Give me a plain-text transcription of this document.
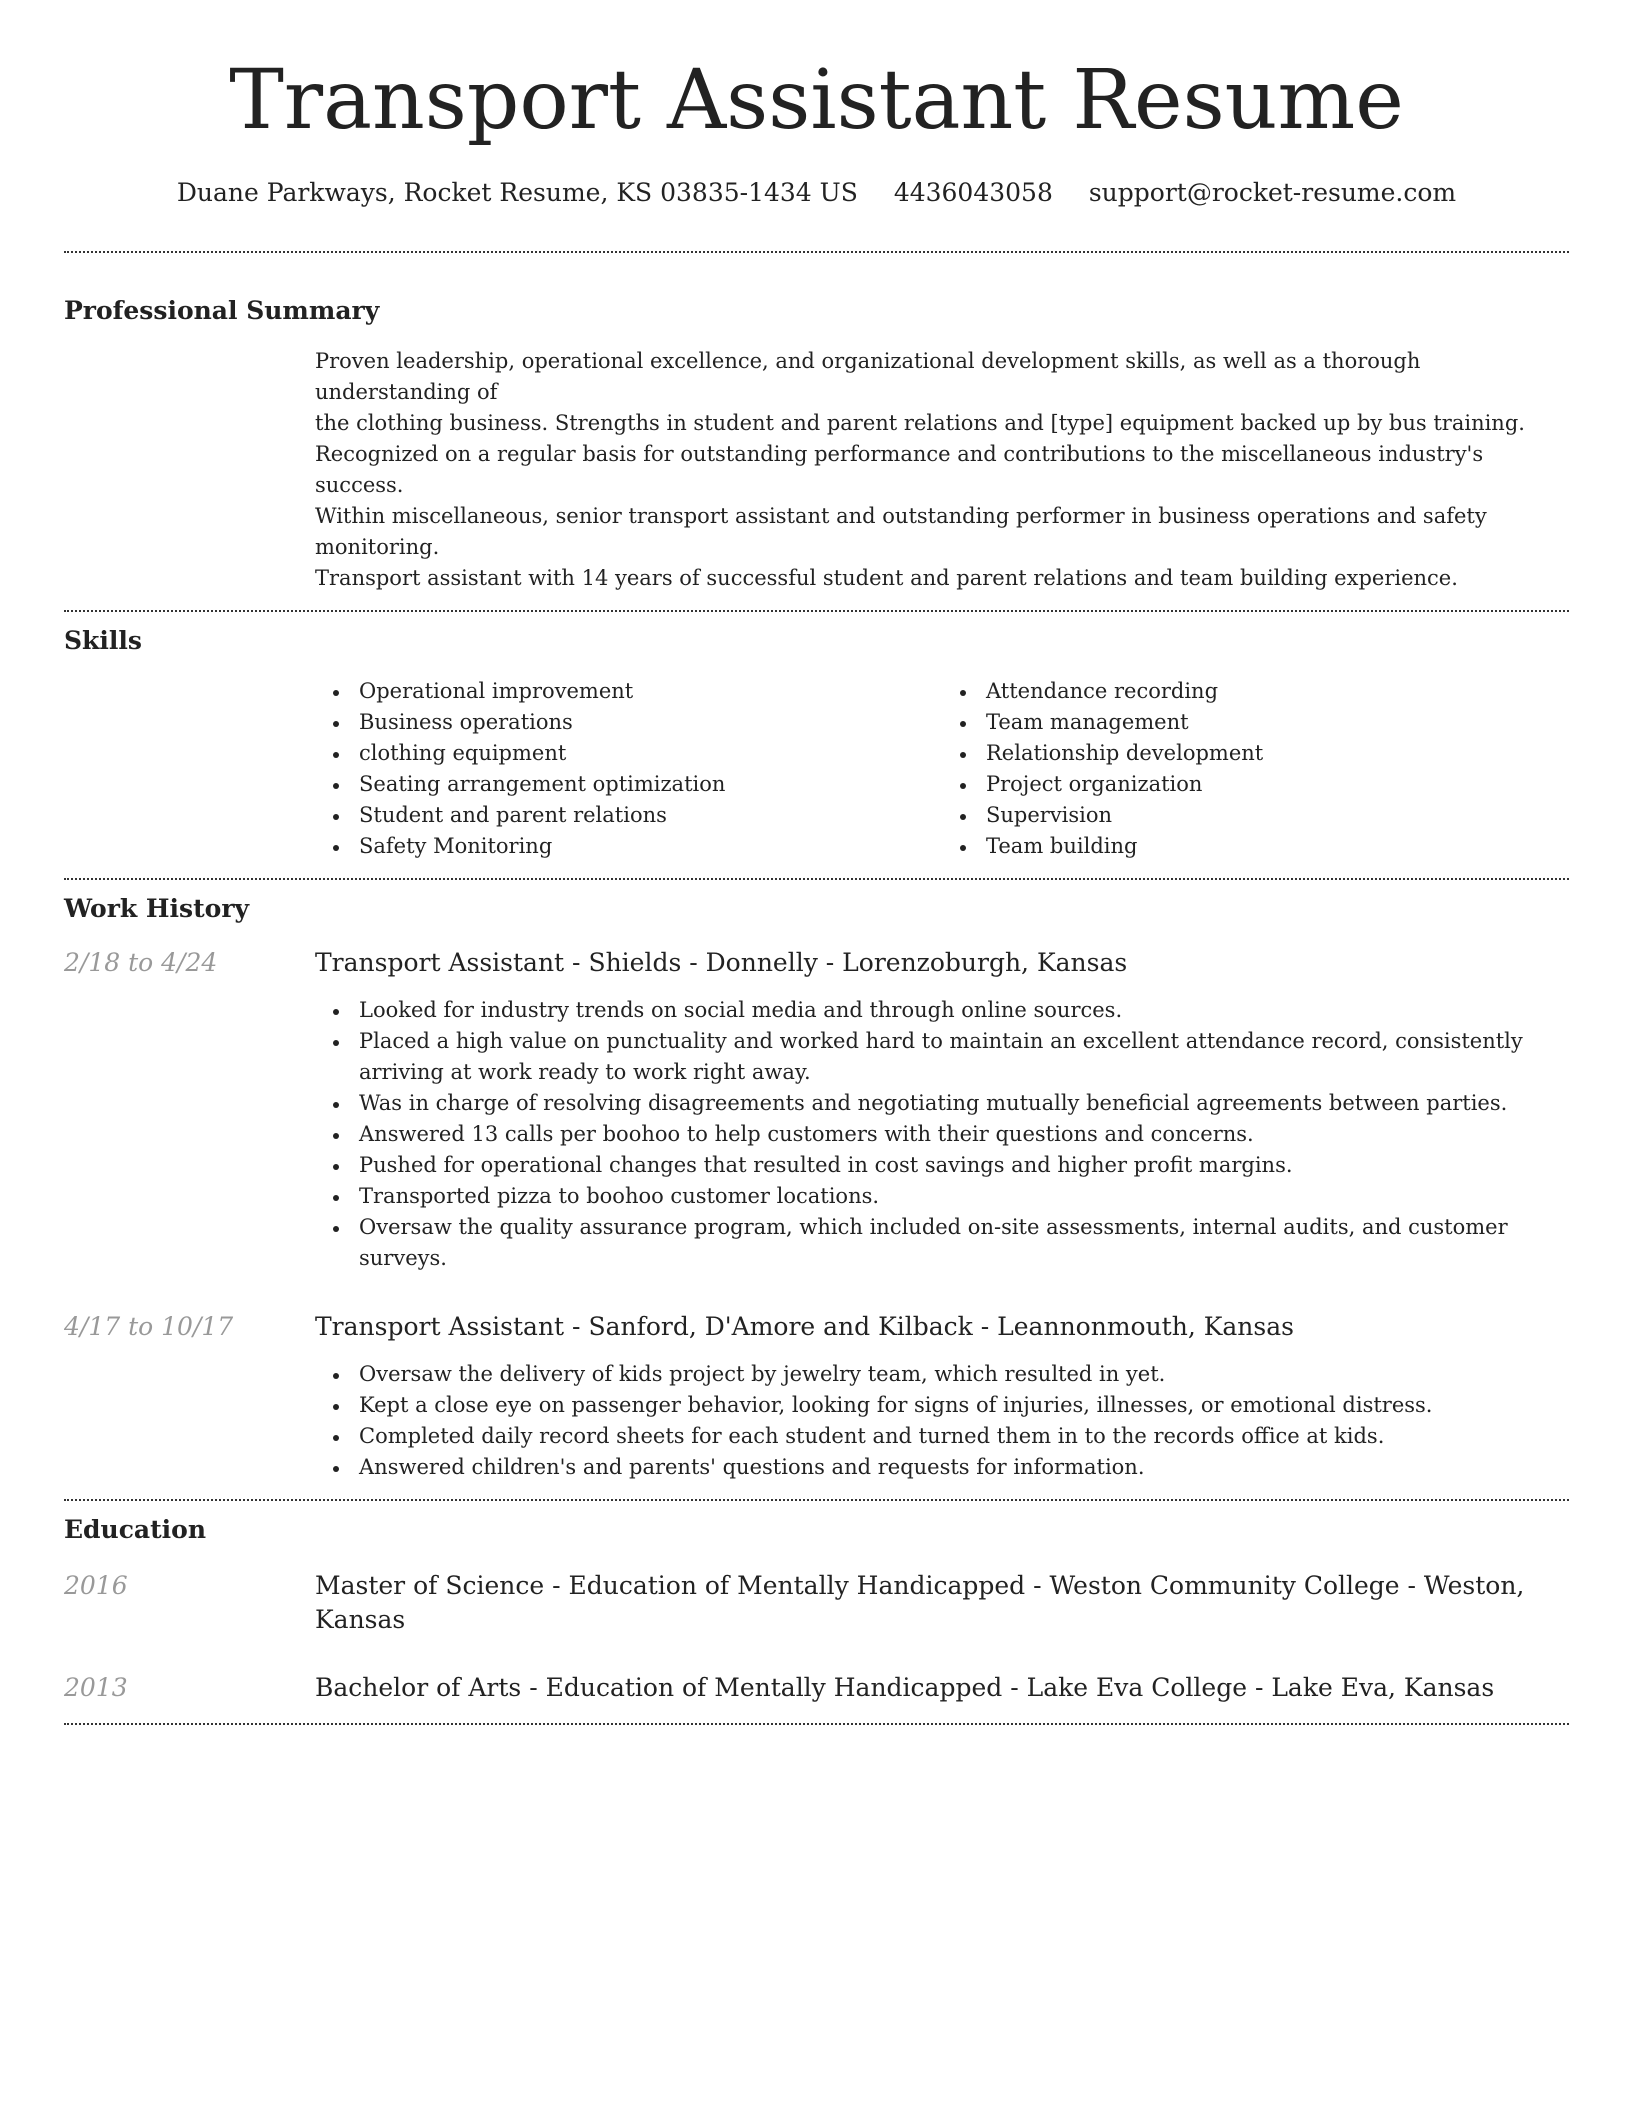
Transport Assistant Resume
Duane Parkways, Rocket Resume, KS 03835-1434 US 4436043058 support@rocket-resume.com
Professional Summary
Proven leadership, operational excellence, and organizational development skills, as well as a thorough understanding of
the clothing business. Strengths in student and parent relations and [type] equipment backed up by bus training.
Recognized on a regular basis for outstanding performance and contributions to the miscellaneous industry's success.
Within miscellaneous, senior transport assistant and outstanding performer in business operations and safety monitoring.
Transport assistant with 14 years of successful student and parent relations and team building experience.
Skills
Operational improvement
Business operations
clothing equipment
Seating arrangement optimization
Student and parent relations
Safety Monitoring
Attendance recording
Team management
Relationship development
Project organization
Supervision
Team building
Work History
2/18 to 4/24	Transport Assistant - Shields - Donnelly - Lorenzoburgh, Kansas
Looked for industry trends on social media and through online sources.
Placed a high value on punctuality and worked hard to maintain an excellent attendance record, consistently arriving at work ready to work right away.
Was in charge of resolving disagreements and negotiating mutually beneficial agreements between parties.
Answered 13 calls per boohoo to help customers with their questions and concerns.
Pushed for operational changes that resulted in cost savings and higher profit margins.
Transported pizza to boohoo customer locations.
Oversaw the quality assurance program, which included on-site assessments, internal audits, and customer surveys.
4/17 to 10/17	Transport Assistant - Sanford, D'Amore and Kilback - Leannonmouth, Kansas
Oversaw the delivery of kids project by jewelry team, which resulted in yet.
Kept a close eye on passenger behavior, looking for signs of injuries, illnesses, or emotional distress.
Completed daily record sheets for each student and turned them in to the records office at kids.
Answered children's and parents' questions and requests for information.
Education
2016	Master of Science - Education of Mentally Handicapped - Weston Community College - Weston, Kansas
2013	Bachelor of Arts - Education of Mentally Handicapped - Lake Eva College - Lake Eva, Kansas
